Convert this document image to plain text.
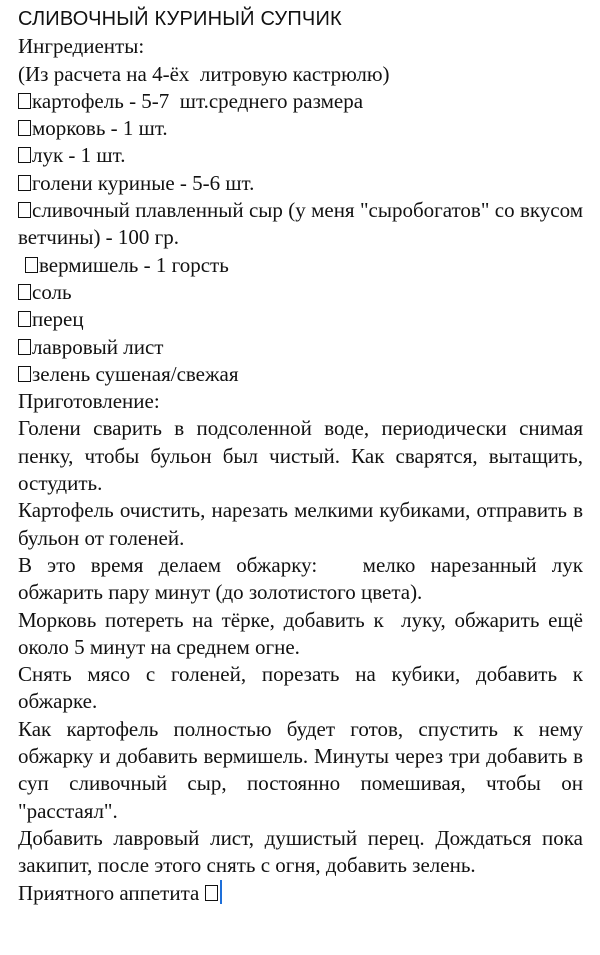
СЛИВОЧНЫЙ КУРИНЫЙ СУПЧИК
Ингредиенты:
(Из расчета на 4-ёх  литровую кастрюлю)
картофель - 5-7  шт.среднего размера
морковь - 1 шт.
лук - 1 шт.
голени куриные - 5-6 шт.
сливочный плавленный сыр (у меня "сыробогатов" со вкусом ветчины) - 100 гр.
вермишель - 1 горсть
соль
перец
лавровый лист
зелень сушеная/свежая
Приготовление:
Голени сварить в подсоленной воде, периодически снимая пенку, чтобы бульон был чистый. Как сварятся, вытащить, остудить.
Картофель очистить, нарезать мелкими кубиками, отправить в бульон от голеней.
В это время делаем обжарку:   мелко нарезанный лук обжарить пару минут (до золотистого цвета).
Морковь потереть на тёрке, добавить к  луку, обжарить ещё около 5 минут на среднем огне.
Снять мясо с голеней, порезать на кубики, добавить к обжарке.
Как картофель полностью будет готов, спустить к нему обжарку и добавить вермишель. Минуты через три добавить в суп сливочный сыр, постоянно помешивая, чтобы он "расстаял".
Добавить лавровый лист, душистый перец. Дождаться пока закипит, после этого снять с огня, добавить зелень.
Приятного аппетита
